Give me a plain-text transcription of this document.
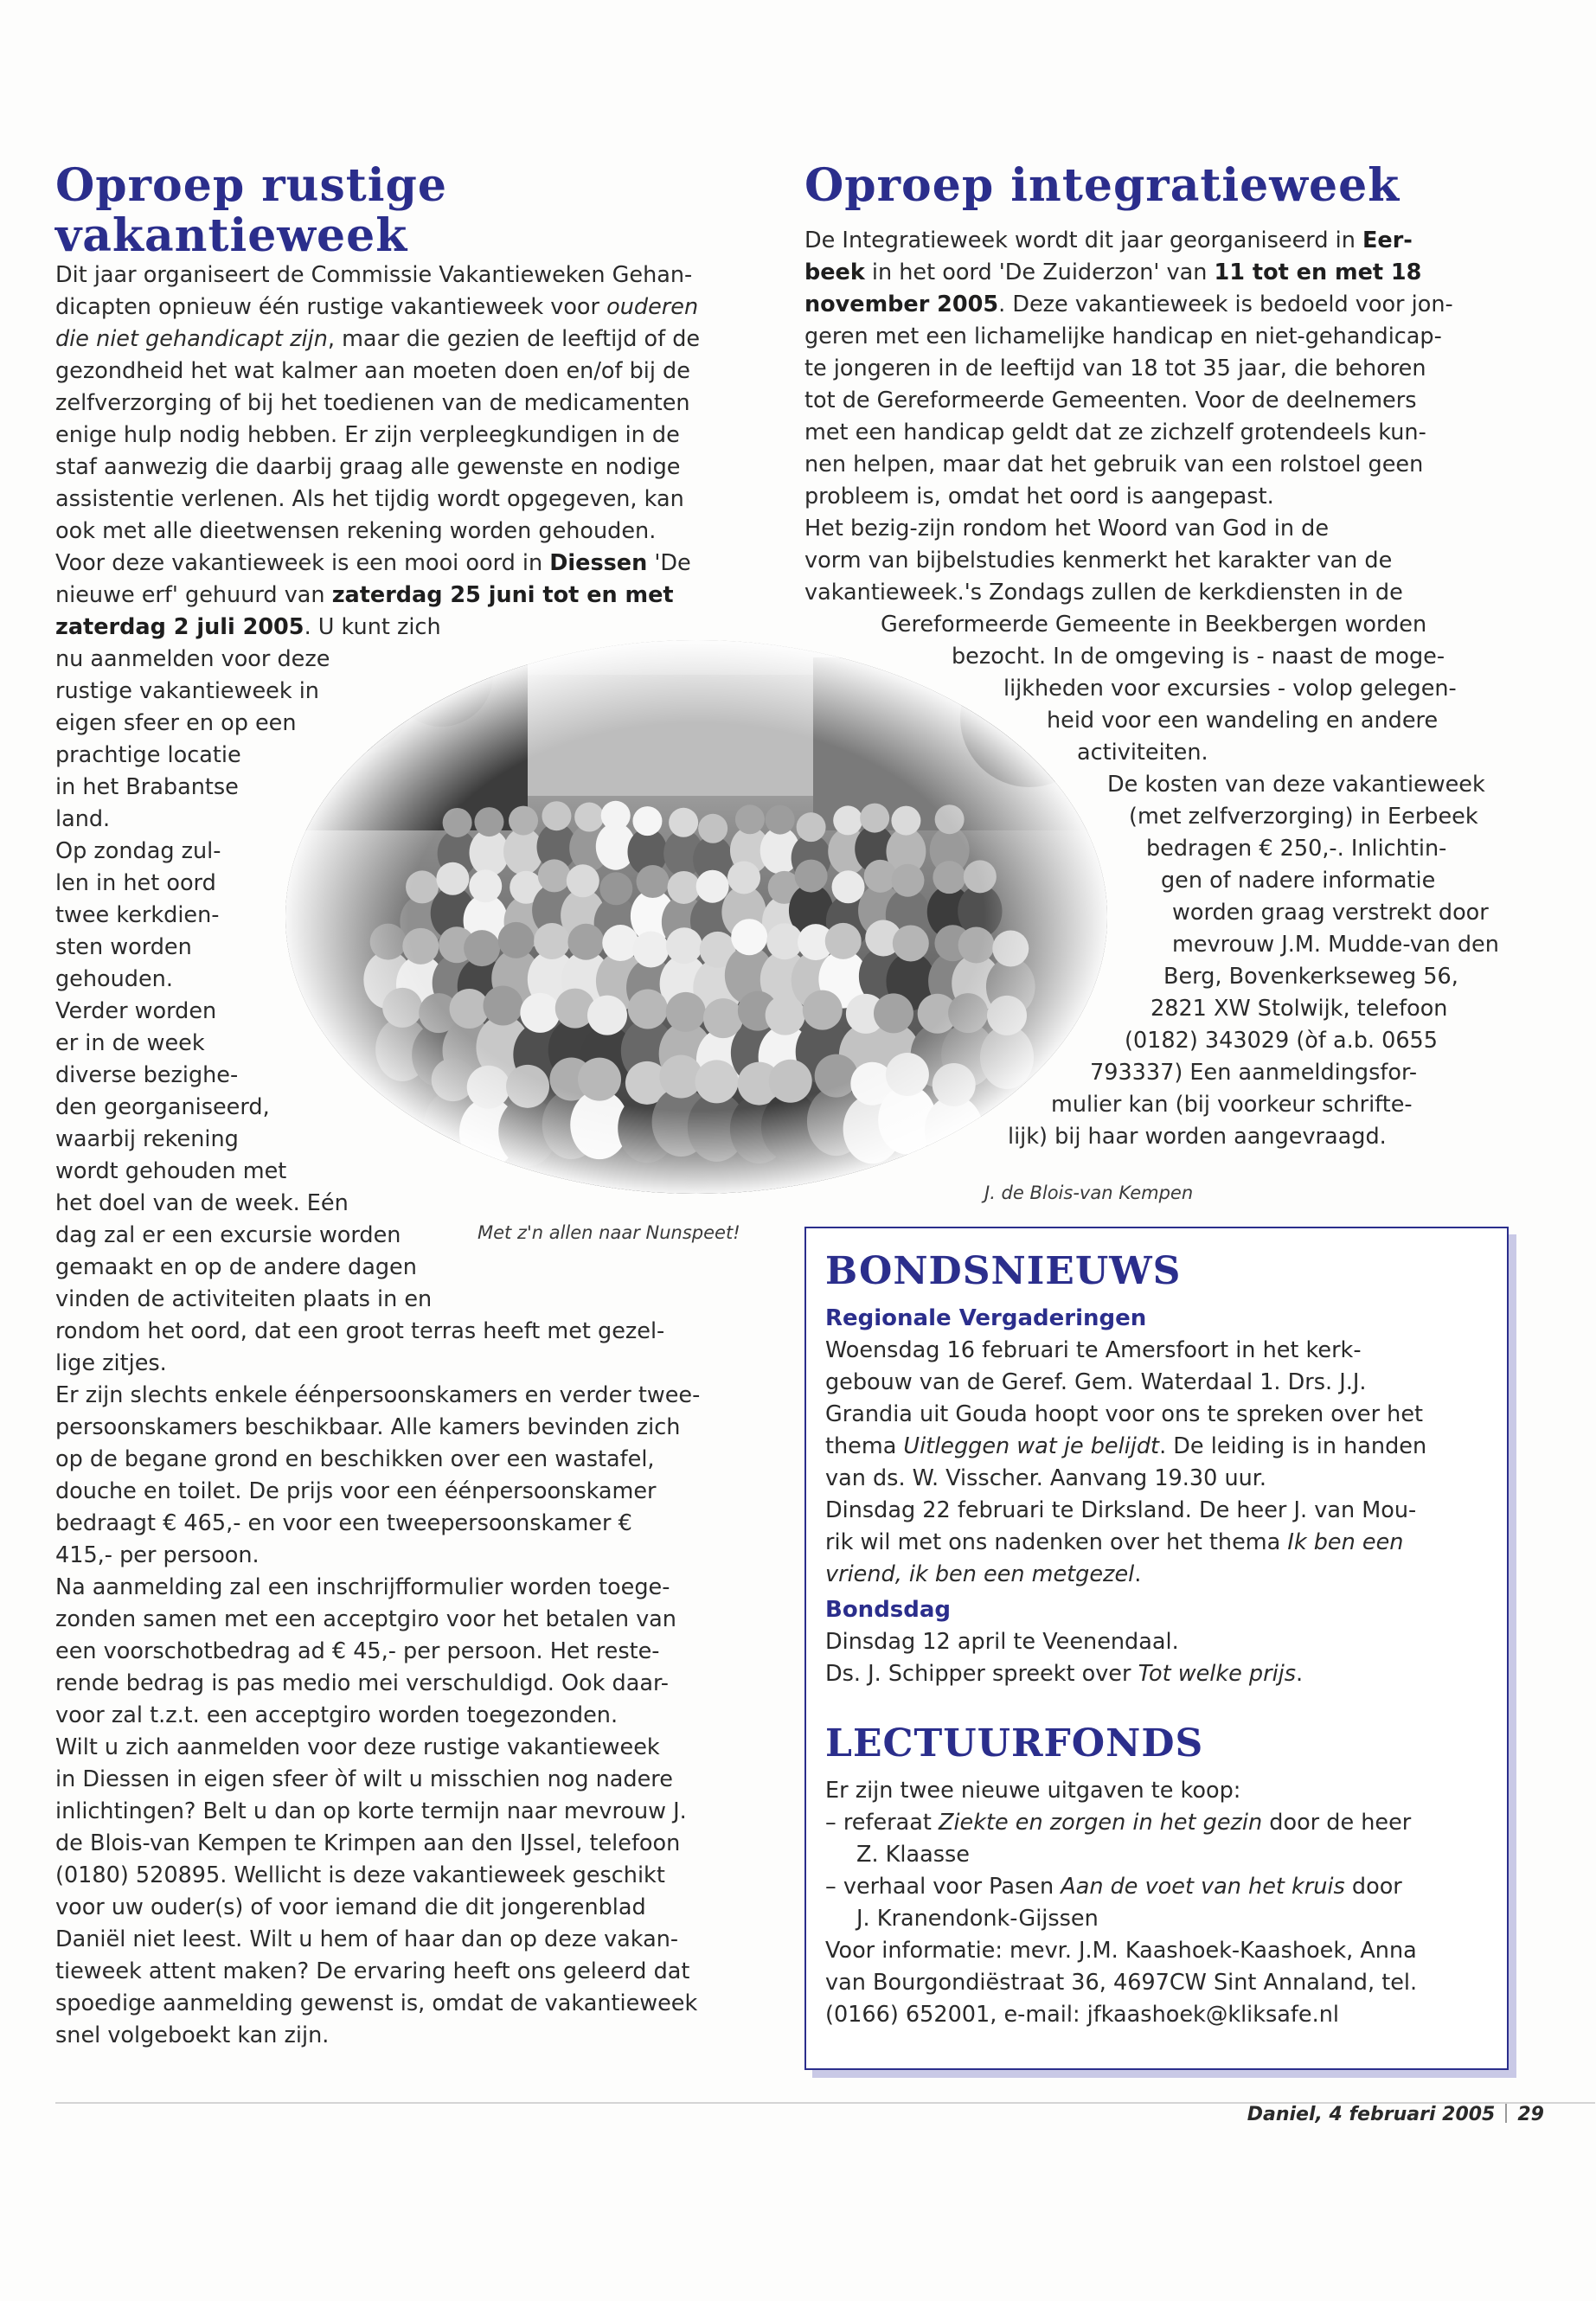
Oproep rustige
vakantieweek
Dit jaar organiseert de Commissie Vakantieweken Gehan-
dicapten opnieuw één rustige vakantieweek voor ouderen
die niet gehandicapt zijn, maar die gezien de leeftijd of de
gezondheid het wat kalmer aan moeten doen en/of bij de
zelfverzorging of bij het toedienen van de medicamenten
enige hulp nodig hebben. Er zijn verpleegkundigen in de
staf aanwezig die daarbij graag alle gewenste en nodige
assistentie verlenen. Als het tijdig wordt opgegeven, kan
ook met alle dieetwensen rekening worden gehouden.
Voor deze vakantieweek is een mooi oord in Diessen 'De
nieuwe erf' gehuurd van zaterdag 25 juni tot en met
zaterdag 2 juli 2005. U kunt zich
nu aanmelden voor deze
rustige vakantieweek in
eigen sfeer en op een
prachtige locatie
in het Brabantse
land.
Op zondag zul-
len in het oord
twee kerkdien-
sten worden
gehouden.
Verder worden
er in de week
diverse bezighe-
den georganiseerd,
waarbij rekening
wordt gehouden met
het doel van de week. Eén
dag zal er een excursie worden
gemaakt en op de andere dagen
vinden de activiteiten plaats in en
rondom het oord, dat een groot terras heeft met gezel-
lige zitjes.
Er zijn slechts enkele éénpersoonskamers en verder twee-
persoonskamers beschikbaar. Alle kamers bevinden zich
op de begane grond en beschikken over een wastafel,
douche en toilet. De prijs voor een éénpersoonskamer
bedraagt € 465,- en voor een tweepersoonskamer €
415,- per persoon.
Na aanmelding zal een inschrijfformulier worden toege-
zonden samen met een acceptgiro voor het betalen van
een voorschotbedrag ad € 45,- per persoon. Het reste-
rende bedrag is pas medio mei verschuldigd. Ook daar-
voor zal t.z.t. een acceptgiro worden toegezonden.
Wilt u zich aanmelden voor deze rustige vakantieweek
in Diessen in eigen sfeer òf wilt u misschien nog nadere
inlichtingen? Belt u dan op korte termijn naar mevrouw J.
de Blois-van Kempen te Krimpen aan den IJssel, telefoon
(0180) 520895. Wellicht is deze vakantieweek geschikt
voor uw ouder(s) of voor iemand die dit jongerenblad
Daniël niet leest. Wilt u hem of haar dan op deze vakan-
tieweek attent maken? De ervaring heeft ons geleerd dat
spoedige aanmelding gewenst is, omdat de vakantieweek
snel volgeboekt kan zijn.
Met z'n allen naar Nunspeet!
Oproep integratieweek
De Integratieweek wordt dit jaar georganiseerd in Eer-
beek in het oord 'De Zuiderzon' van 11 tot en met 18
november 2005. Deze vakantieweek is bedoeld voor jon-
geren met een lichamelijke handicap en niet-gehandicap-
te jongeren in de leeftijd van 18 tot 35 jaar, die behoren
tot de Gereformeerde Gemeenten. Voor de deelnemers
met een handicap geldt dat ze zichzelf grotendeels kun-
nen helpen, maar dat het gebruik van een rolstoel geen
probleem is, omdat het oord is aangepast.
Het bezig-zijn rondom het Woord van God in de
vorm van bijbelstudies kenmerkt het karakter van de
vakantieweek.'s Zondags zullen de kerkdiensten in de
Gereformeerde Gemeente in Beekbergen worden
bezocht. In de omgeving is - naast de moge-
lijkheden voor excursies - volop gelegen-
heid voor een wandeling en andere
activiteiten.
De kosten van deze vakantieweek
(met zelfverzorging) in Eerbeek
bedragen € 250,-. Inlichtin-
gen of nadere informatie
worden graag verstrekt door
mevrouw J.M. Mudde-van den
Berg, Bovenkerkseweg 56,
2821 XW Stolwijk, telefoon
(0182) 343029 (òf a.b. 0655
793337) Een aanmeldingsfor-
mulier kan (bij voorkeur schrifte-
lijk) bij haar worden aangevraagd.
J. de Blois-van Kempen
BONDSNIEUWS
Regionale Vergaderingen
Woensdag 16 februari te Amersfoort in het kerk-
gebouw van de Geref. Gem. Waterdaal 1. Drs. J.J.
Grandia uit Gouda hoopt voor ons te spreken over het
thema Uitleggen wat je belijdt. De leiding is in handen
van ds. W. Visscher. Aanvang 19.30 uur.
Dinsdag 22 februari te Dirksland. De heer J. van Mou-
rik wil met ons nadenken over het thema Ik ben een
vriend, ik ben een metgezel.
Bondsdag
Dinsdag 12 april te Veenendaal.
Ds. J. Schipper spreekt over Tot welke prijs.
LECTUURFONDS
Er zijn twee nieuwe uitgaven te koop:
– referaat Ziekte en zorgen in het gezin door de heer
Z. Klaasse
– verhaal voor Pasen Aan de voet van het kruis door
J. Kranendonk-Gijssen
Voor informatie: mevr. J.M. Kaashoek-Kaashoek, Anna
van Bourgondiëstraat 36, 4697CW Sint Annaland, tel.
(0166) 652001, e-mail: jfkaashoek@kliksafe.nl
Daniel, 4 februari 2005 29
